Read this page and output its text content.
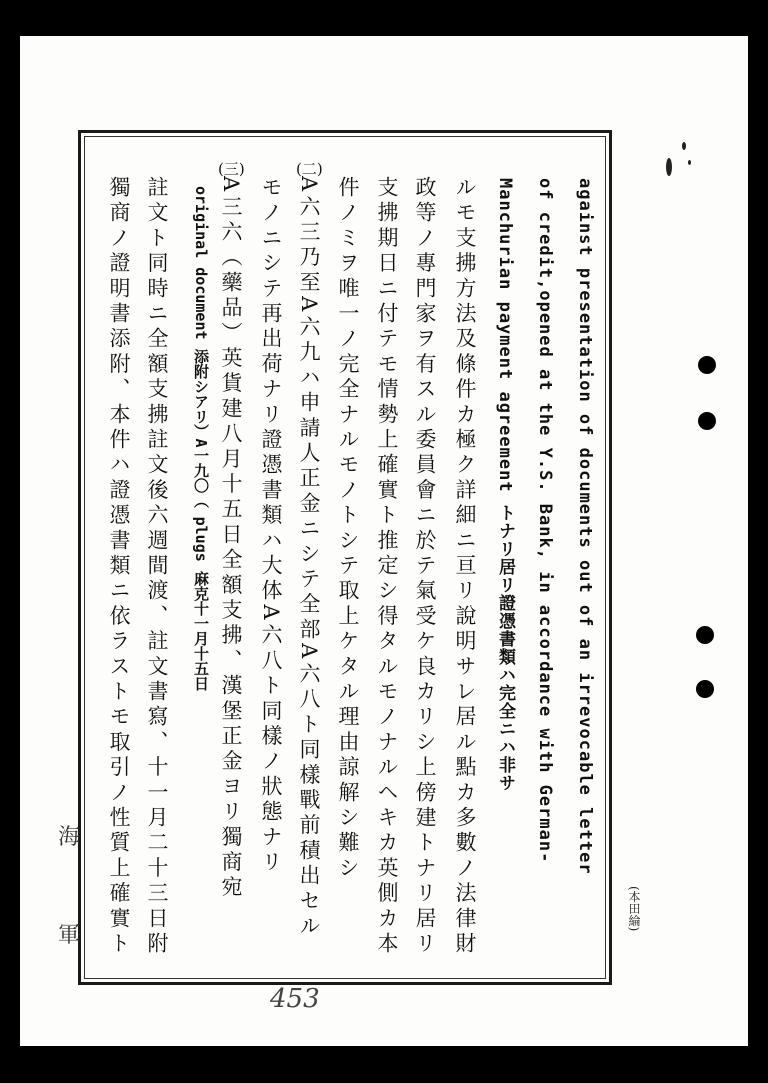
against presentation of documents out of an irrevocable letter
of credit,opened at the Y.S. Bank, in accordance with German-
Manchurian payment agreement トナリ居リ證憑書類ハ完全ニハ非サ
ルモ支拂方法及條件カ極ク詳細ニ亘リ說明サレ居ル點カ多數ノ法律財
政等ノ專門家ヲ有スル委員會ニ於テ氣受ケ良カリシ上傍建トナリ居リ
支拂期日ニ付テモ情勢上確實ト推定シ得タルモノナルヘキカ英側カ本
件ノミヲ唯一ノ完全ナルモノトシテ取上ケタル理由諒解シ難シ
(二)
A六三乃至A六九ハ申請人正金ニシテ全部A六八ト同樣戰前積出セル
モノニシテ再出荷ナリ證憑書類ハ大体A六八ト同樣ノ狀態ナリ
(三)
original document 添附シアリ）A一九〇（ plugs 麻克十一月十五日 A三六（藥品）英貨建八月十五日全額支拂、漢堡正金ヨリ獨商宛
註文ト同時ニ全額支拂註文後六週間渡、註文書寫、十一月二十三日附
獨商ノ證明書添附、本件ハ證憑書類ニ依ラストモ取引ノ性質上確實ト	(本田綸)
海
軍
453
